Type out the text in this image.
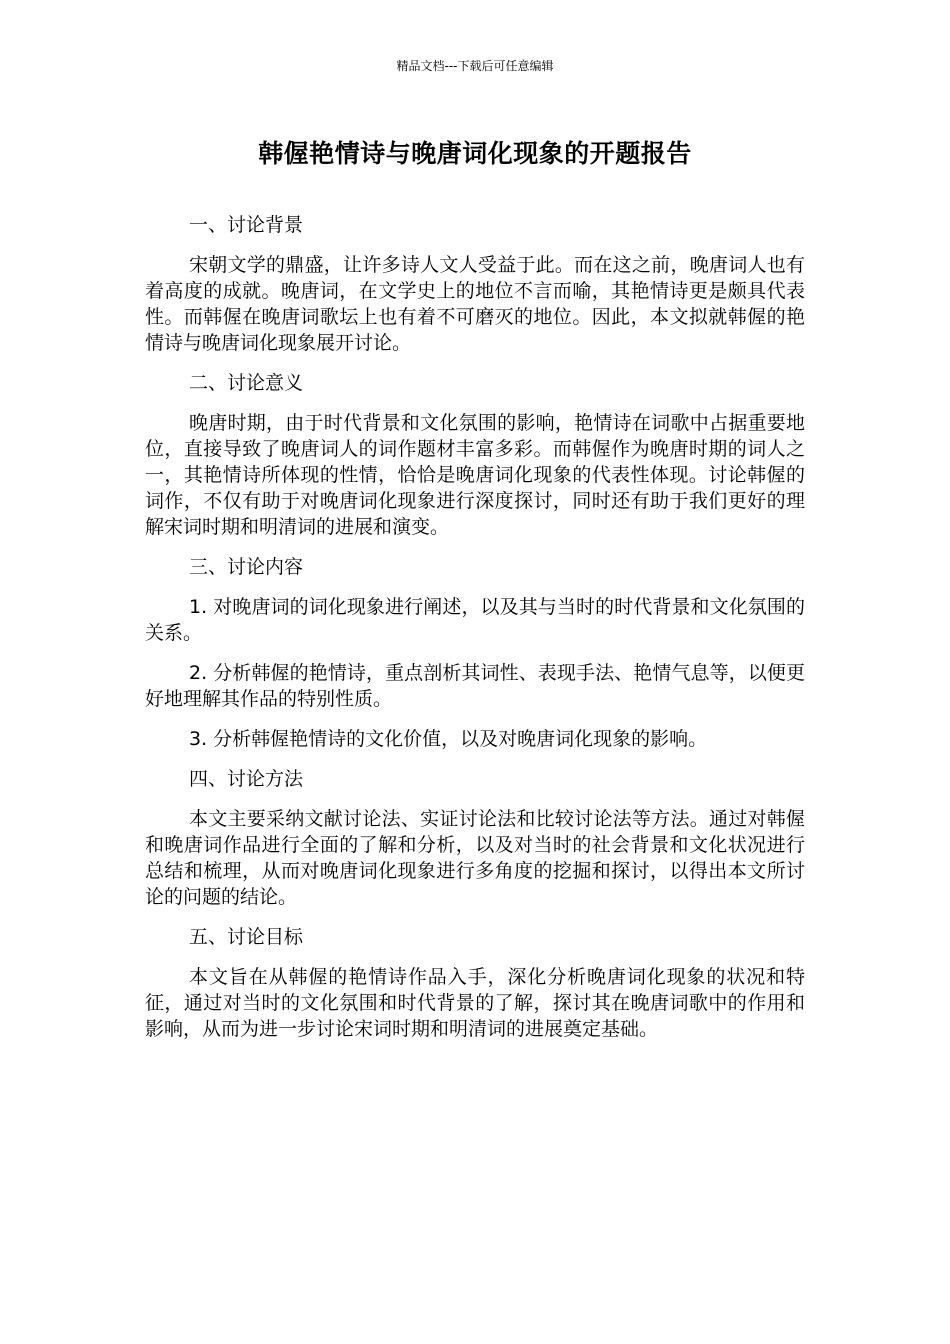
精品文档---下载后可任意编辑
韩偓艳情诗与晚唐词化现象的开题报告
一、讨论背景
宋朝文学的鼎盛，让许多诗人文人受益于此。而在这之前，晚唐词人也有着高度的成就。晚唐词，在文学史上的地位不言而喻，其艳情诗更是颇具代表性。而韩偓在晚唐词歌坛上也有着不可磨灭的地位。因此，本文拟就韩偓的艳情诗与晚唐词化现象展开讨论。
二、讨论意义
晚唐时期，由于时代背景和文化氛围的影响，艳情诗在词歌中占据重要地位，直接导致了晚唐词人的词作题材丰富多彩。而韩偓作为晚唐时期的词人之一，其艳情诗所体现的性情，恰恰是晚唐词化现象的代表性体现。讨论韩偓的词作，不仅有助于对晚唐词化现象进行深度探讨，同时还有助于我们更好的理解宋词时期和明清词的进展和演变。
三、讨论内容
1. 对晚唐词的词化现象进行阐述，以及其与当时的时代背景和文化氛围的关系。
2. 分析韩偓的艳情诗，重点剖析其词性、表现手法、艳情气息等，以便更好地理解其作品的特别性质。
3. 分析韩偓艳情诗的文化价值，以及对晚唐词化现象的影响。
四、讨论方法
本文主要采纳文献讨论法、实证讨论法和比较讨论法等方法。通过对韩偓和晚唐词作品进行全面的了解和分析，以及对当时的社会背景和文化状况进行总结和梳理，从而对晚唐词化现象进行多角度的挖掘和探讨，以得出本文所讨论的问题的结论。
五、讨论目标
本文旨在从韩偓的艳情诗作品入手，深化分析晚唐词化现象的状况和特征，通过对当时的文化氛围和时代背景的了解，探讨其在晚唐词歌中的作用和影响，从而为进一步讨论宋词时期和明清词的进展奠定基础。
